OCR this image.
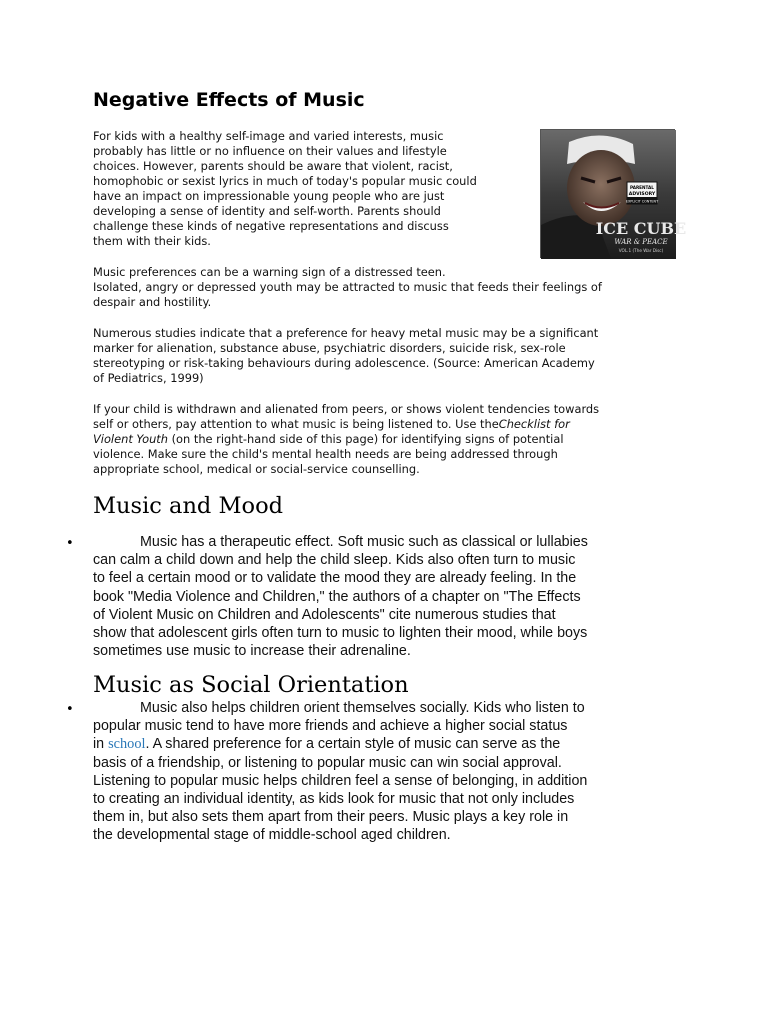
Negative Effects of Music
For kids with a healthy self-image and varied interests, music
probably has little or no influence on their values and lifestyle
choices. However, parents should be aware that violent, racist,
homophobic or sexist lyrics in much of today's popular music could
have an impact on impressionable young people who are just
developing a sense of identity and self-worth. Parents should
challenge these kinds of negative representations and discuss
them with their kids.
PARENTAL
ADVISORY
EXPLICIT CONTENT
ICE CUBE
WAR & PEACE
VOL.1 (The War Disc)
Music preferences can be a warning sign of a distressed teen.
Isolated, angry or depressed youth may be attracted to music that feeds their feelings of
despair and hostility.
Numerous studies indicate that a preference for heavy metal music may be a significant
marker for alienation, substance abuse, psychiatric disorders, suicide risk, sex-role
stereotyping or risk-taking behaviours during adolescence. (Source: American Academy
of Pediatrics, 1999)
If your child is withdrawn and alienated from peers, or shows violent tendencies towards
self or others, pay attention to what music is being listened to. Use theChecklist for
Violent Youth (on the right-hand side of this page) for identifying signs of potential
violence. Make sure the child's mental health needs are being addressed through
appropriate school, medical or social-service counselling.
Music and Mood
•	Music has a therapeutic effect. Soft music such as classical or lullabies
can calm a child down and help the child sleep. Kids also often turn to music
to feel a certain mood or to validate the mood they are already feeling. In the
book "Media Violence and Children," the authors of a chapter on "The Effects
of Violent Music on Children and Adolescents" cite numerous studies that
show that adolescent girls often turn to music to lighten their mood, while boys
sometimes use music to increase their adrenaline.
Music as Social Orientation
•	Music also helps children orient themselves socially. Kids who listen to
popular music tend to have more friends and achieve a higher social status
in school. A shared preference for a certain style of music can serve as the
basis of a friendship, or listening to popular music can win social approval.
Listening to popular music helps children feel a sense of belonging, in addition
to creating an individual identity, as kids look for music that not only includes
them in, but also sets them apart from their peers. Music plays a key role in
the developmental stage of middle-school aged children.
